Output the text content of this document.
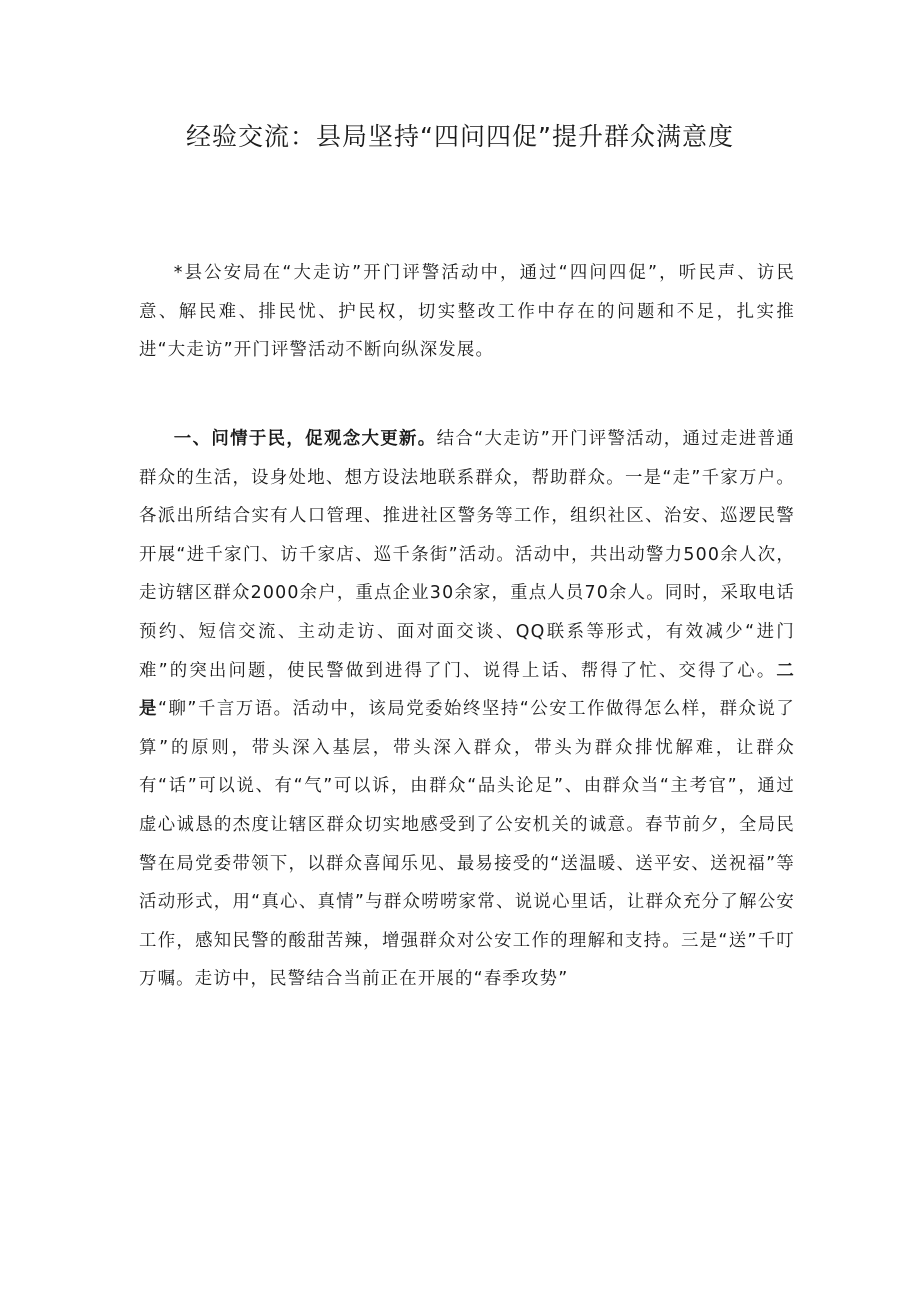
经验交流：县局坚持“四问四促”提升群众满意度

*县公安局在“大走访”开门评警活动中，通过“四问四促”，听民声、访民意、解民难、排民忧、护民权，切实整改工作中存在的问题和不足，扎实推进“大走访”开门评警活动不断向纵深发展。

一、问情于民，促观念大更新。结合“大走访”开门评警活动，通过走进普通群众的生活，设身处地、想方设法地联系群众，帮助群众。一是“走”千家万户。各派出所结合实有人口管理、推进社区警务等工作，组织社区、治安、巡逻民警开展“进千家门、访千家店、巡千条街”活动。活动中，共出动警力500余人次，走访辖区群众2000余户，重点企业30余家，重点人员70余人。同时，采取电话预约、短信交流、主动走访、面对面交谈、QQ联系等形式，有效减少“进门难”的突出问题，使民警做到进得了门、说得上话、帮得了忙、交得了心。二是“聊”千言万语。活动中，该局党委始终坚持“公安工作做得怎么样，群众说了算”的原则，带头深入基层，带头深入群众，带头为群众排忧解难，让群众有“话”可以说、有“气”可以诉，由群众“品头论足”、由群众当“主考官”，通过虚心诚恳的杰度让辖区群众切实地感受到了公安机关的诚意。春节前夕，全局民警在局党委带领下，以群众喜闻乐见、最易接受的“送温暖、送平安、送祝福”等活动形式，用“真心、真情”与群众唠唠家常、说说心里话，让群众充分了解公安工作，感知民警的酸甜苦辣，增强群众对公安工作的理解和支持。三是“送”千叮万嘱。走访中，民警结合当前正在开展的“春季攻势”
